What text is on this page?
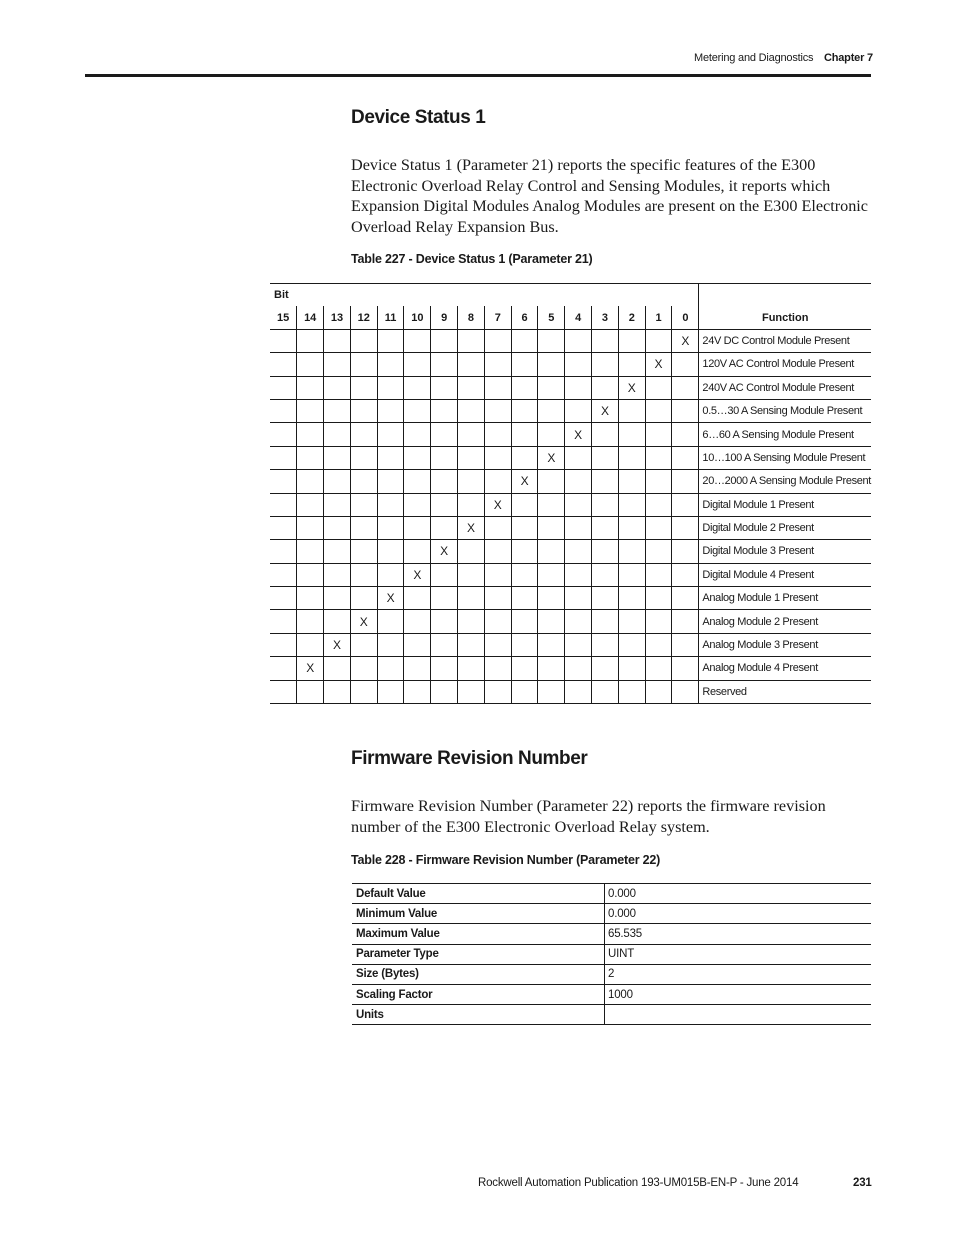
Metering and Diagnostics Chapter 7
Device Status 1
Device Status 1 (Parameter 21) reports the specific features of the E300 Electronic Overload Relay Control and Sensing Modules, it reports which Expansion Digital Modules Analog Modules are present on the E300 Electronic Overload Relay Expansion Bus.
Table 227 - Device Status 1 (Parameter 21)
Bit																Function
15	14	13	12	11	10	9	8	7	6	5	4	3	2	1	0	
															X	24V DC Control Module Present
														X		120V AC Control Module Present
													X			240V AC Control Module Present
												X				0.5…30 A Sensing Module Present
											X					6…60 A Sensing Module Present
										X						10…100 A Sensing Module Present
									X							20…2000 A Sensing Module Present
								X								Digital Module 1 Present
							X									Digital Module 2 Present
						X										Digital Module 3 Present
					X											Digital Module 4 Present
				X												Analog Module 1 Present
			X													Analog Module 2 Present
		X														Analog Module 3 Present
	X															Analog Module 4 Present
																Reserved
Firmware Revision Number
Firmware Revision Number (Parameter 22) reports the firmware revision number of the E300 Electronic Overload Relay system.
Table 228 - Firmware Revision Number (Parameter 22)
Default Value	0.000
Minimum Value	0.000
Maximum Value	65.535
Parameter Type	UINT
Size (Bytes)	2
Scaling Factor	1000
Units	
Rockwell Automation Publication 193-UM015B-EN-P - June 2014	231
